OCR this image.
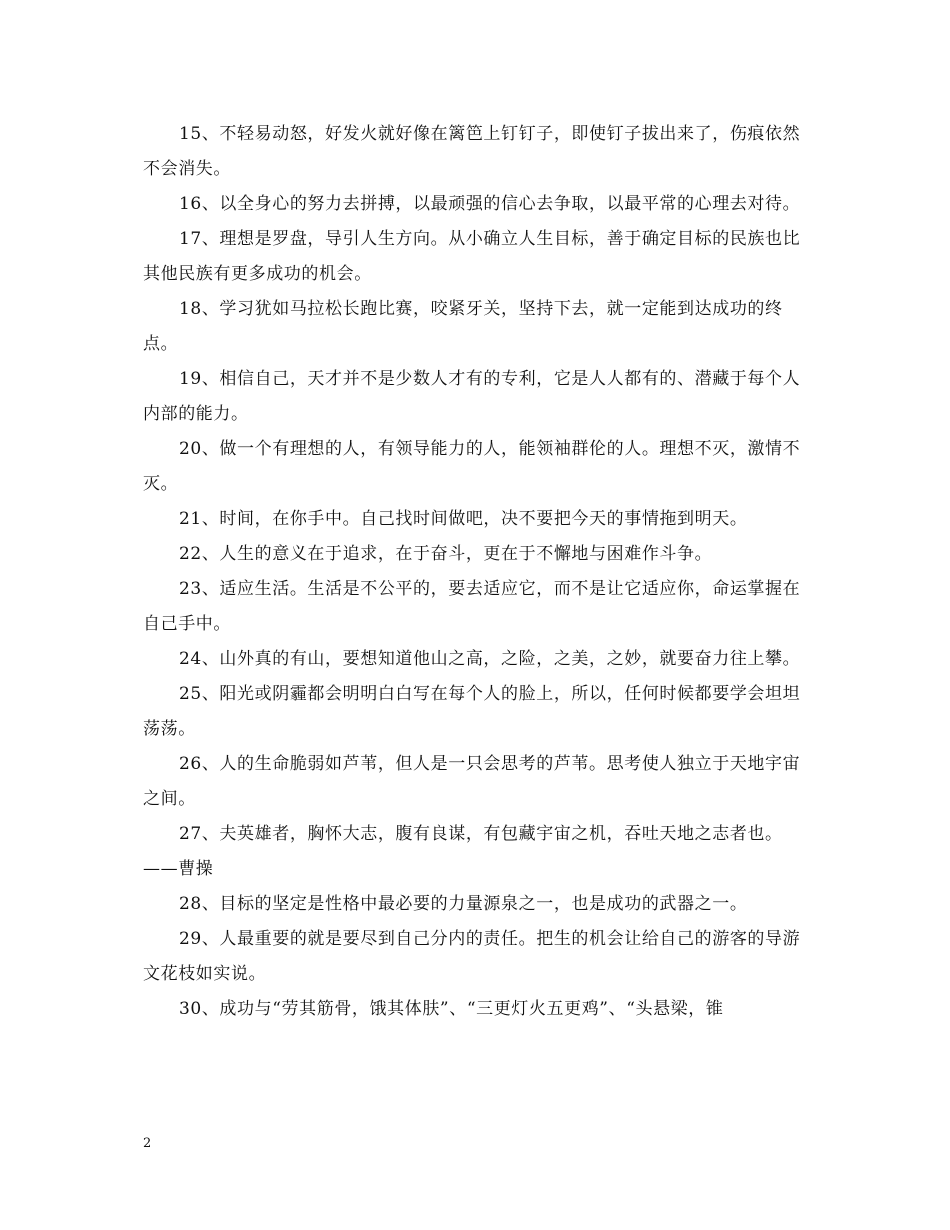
15、不轻易动怒，好发火就好像在篱笆上钉钉子，即使钉子拔出来了，伤痕依然不会消失。

16、以全身心的努力去拼搏，以最顽强的信心去争取，以最平常的心理去对待。

17、理想是罗盘，导引人生方向。从小确立人生目标，善于确定目标的民族也比其他民族有更多成功的机会。

18、学习犹如马拉松长跑比赛，咬紧牙关，坚持下去，就一定能到达成功的终点。

19、相信自己，天才并不是少数人才有的专利，它是人人都有的、潜藏于每个人内部的能力。

20、做一个有理想的人，有领导能力的人，能领袖群伦的人。理想不灭，激情不灭。

21、时间，在你手中。自己找时间做吧，决不要把今天的事情拖到明天。

22、人生的意义在于追求，在于奋斗，更在于不懈地与困难作斗争。

23、适应生活。生活是不公平的，要去适应它，而不是让它适应你，命运掌握在自己手中。

24、山外真的有山，要想知道他山之高，之险，之美，之妙，就要奋力往上攀。

25、阳光或阴霾都会明明白白写在每个人的脸上，所以，任何时候都要学会坦坦荡荡。

26、人的生命脆弱如芦苇，但人是一只会思考的芦苇。思考使人独立于天地宇宙之间。

27、夫英雄者，胸怀大志，腹有良谋，有包藏宇宙之机，吞吐天地之志者也。——曹操

28、目标的坚定是性格中最必要的力量源泉之一，也是成功的武器之一。

29、人最重要的就是要尽到自己分内的责任。把生的机会让给自己的游客的导游文花枝如实说。

30、成功与“劳其筋骨，饿其体肤”、“三更灯火五更鸡”、“头悬梁，锥

2
